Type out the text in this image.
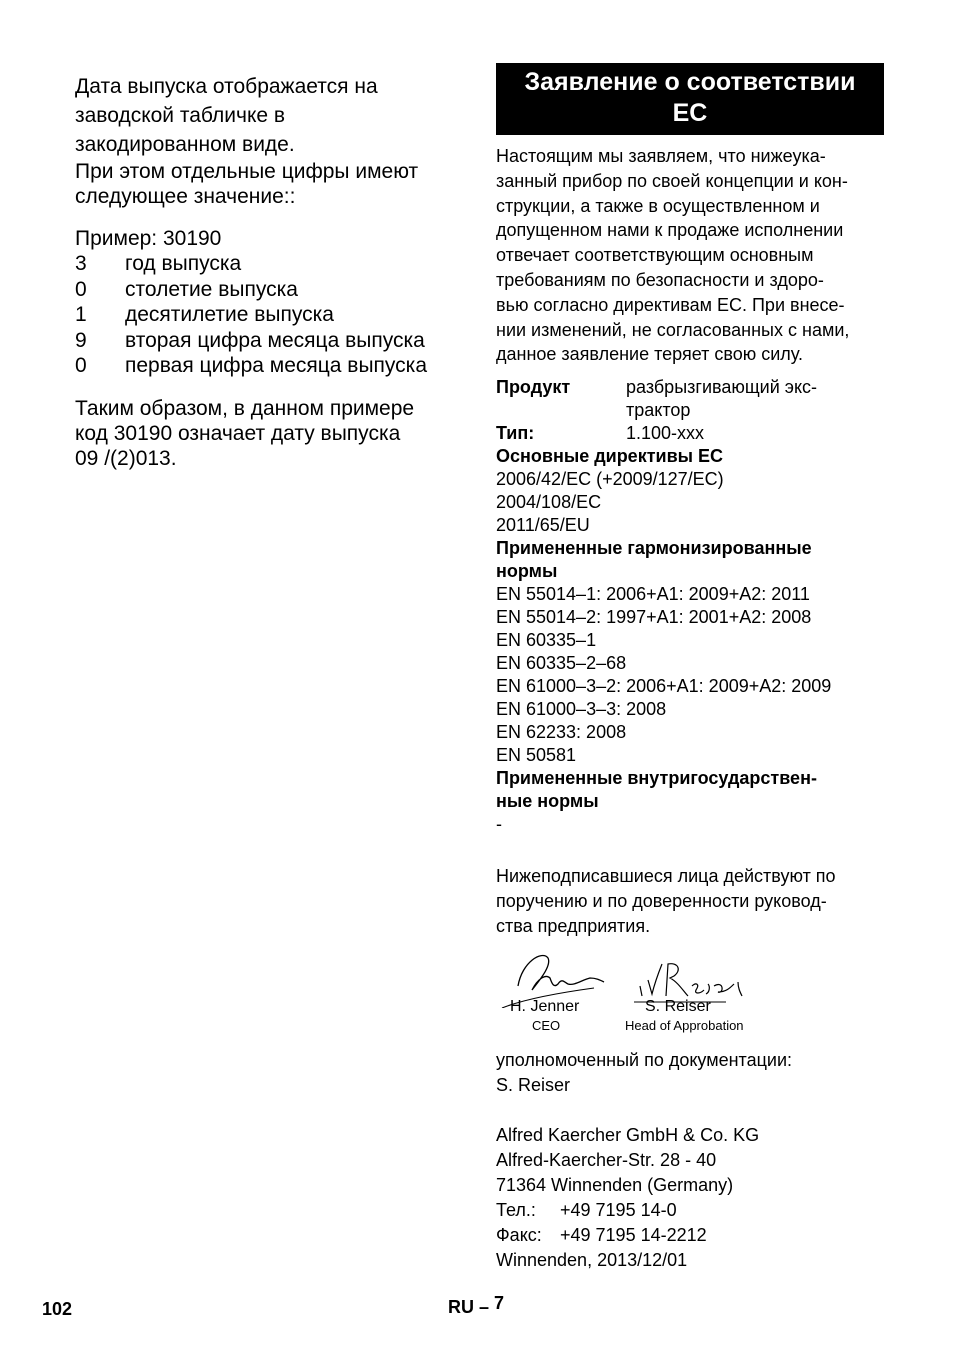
Дата выпуска отображается на

заводской табличке в

закодированном виде.

При этом отдельные цифры имеют

следующее значение::

Пример: 30190

3	год выпуска
0	столетие выпуска
1	десятилетие выпуска
9	вторая цифра месяца выпуска
0	первая цифра месяца выпуска

Таким образом, в данном примере

код 30190 означает дату выпуска

09 /(2)013.

Заявление о соответствии
ЕС
Настоящим мы заявляем, что нижеука-
занный прибор по своей концепции и кон-
струкции, а также в осуществленном и
допущенном нами к продаже исполнении
отвечает соответствующим основным
требованиям по безопасности и здоро-
вью согласно директивам ЕС. При внесе-
нии изменений, не согласованных с нами,
данное заявление теряет свою силу.
Продукт	разбрызгивающий экс-
трактор
Тип:	1.100-xxx
Основные директивы ЕС
2006/42/EC (+2009/127/EC)
2004/108/EC
2011/65/EU
Примененные гармонизированные
нормы
EN 55014–1: 2006+A1: 2009+A2: 2011
EN 55014–2: 1997+A1: 2001+A2: 2008
EN 60335–1
EN 60335–2–68
EN 61000–3–2: 2006+A1: 2009+A2: 2009
EN 61000–3–3: 2008
EN 62233: 2008
EN 50581
Примененные внутригосударствен-
ные нормы
-
Нижеподписавшиеся лица действуют по
поручению и по доверенности руковод-
ства предприятия.
H. Jenner
CEO
S. Reiser
Head of Approbation
уполномоченный по документации:
S. Reiser
Alfred Kaercher GmbH & Co. KG
Alfred-Kaercher-Str. 28 - 40
71364 Winnenden (Germany)
Тел.: +49 7195 14-0
Факс: +49 7195 14-2212
Winnenden, 2013/12/01
102	RU – 7
